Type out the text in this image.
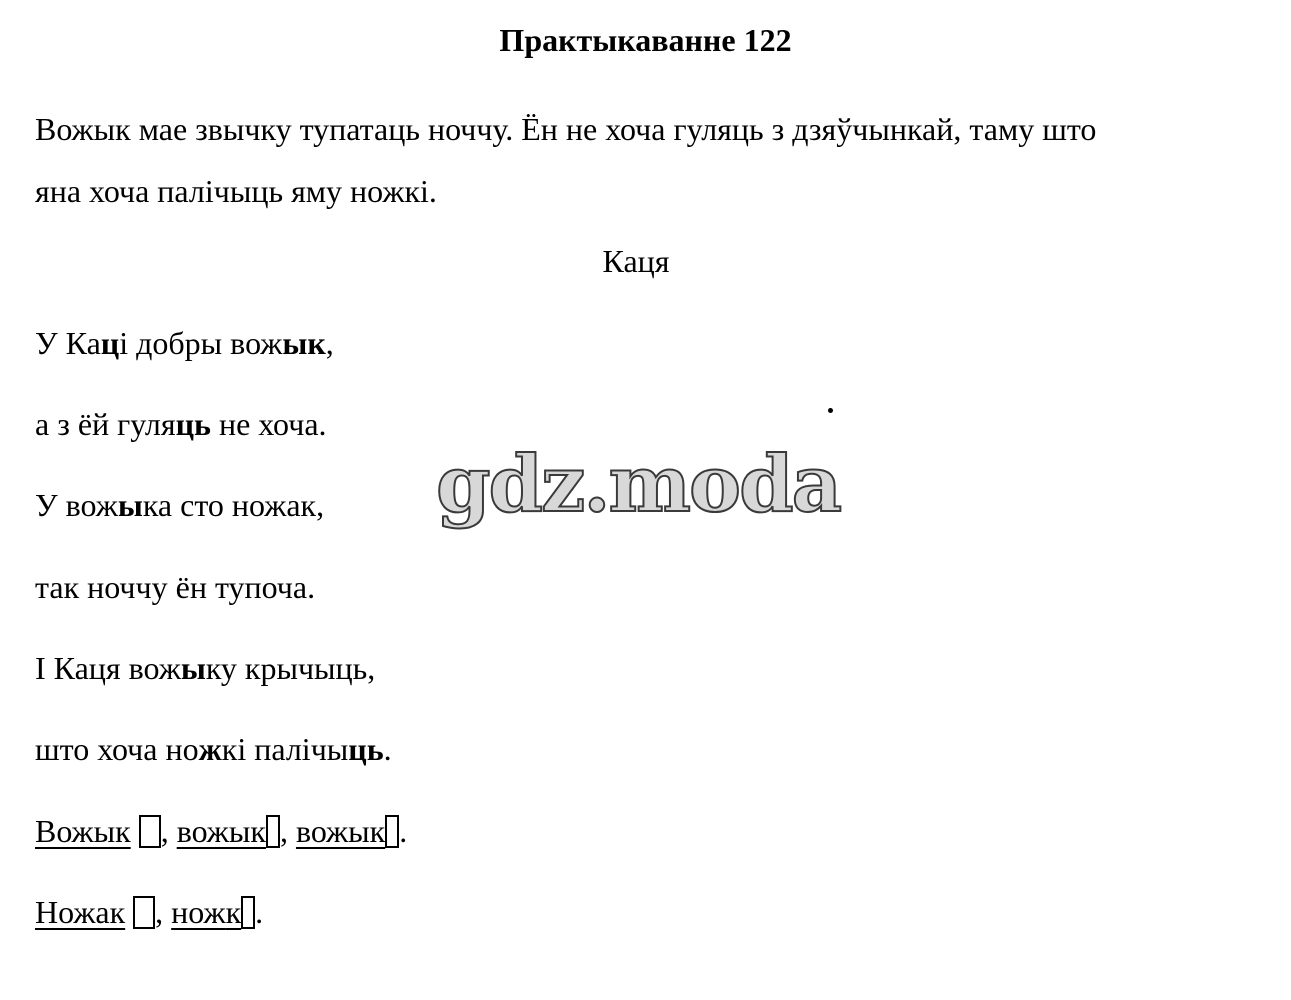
Практыкаванне 122
Вожык мае звычку тупатаць ноччу. Ён не хоча гуляць з дзяўчынкай, таму што
яна хоча палічыць яму ножкі.
Каця
У Каці добры вожык,
а з ёй гуляць не хоча.
У вожыка сто ножак,
так ноччу ён тупоча.
І Каця вожыку крычыць,
што хоча ножкі палічыць.
Вожык , вожык , вожык .
Ножак , ножк .
gdz.moda
